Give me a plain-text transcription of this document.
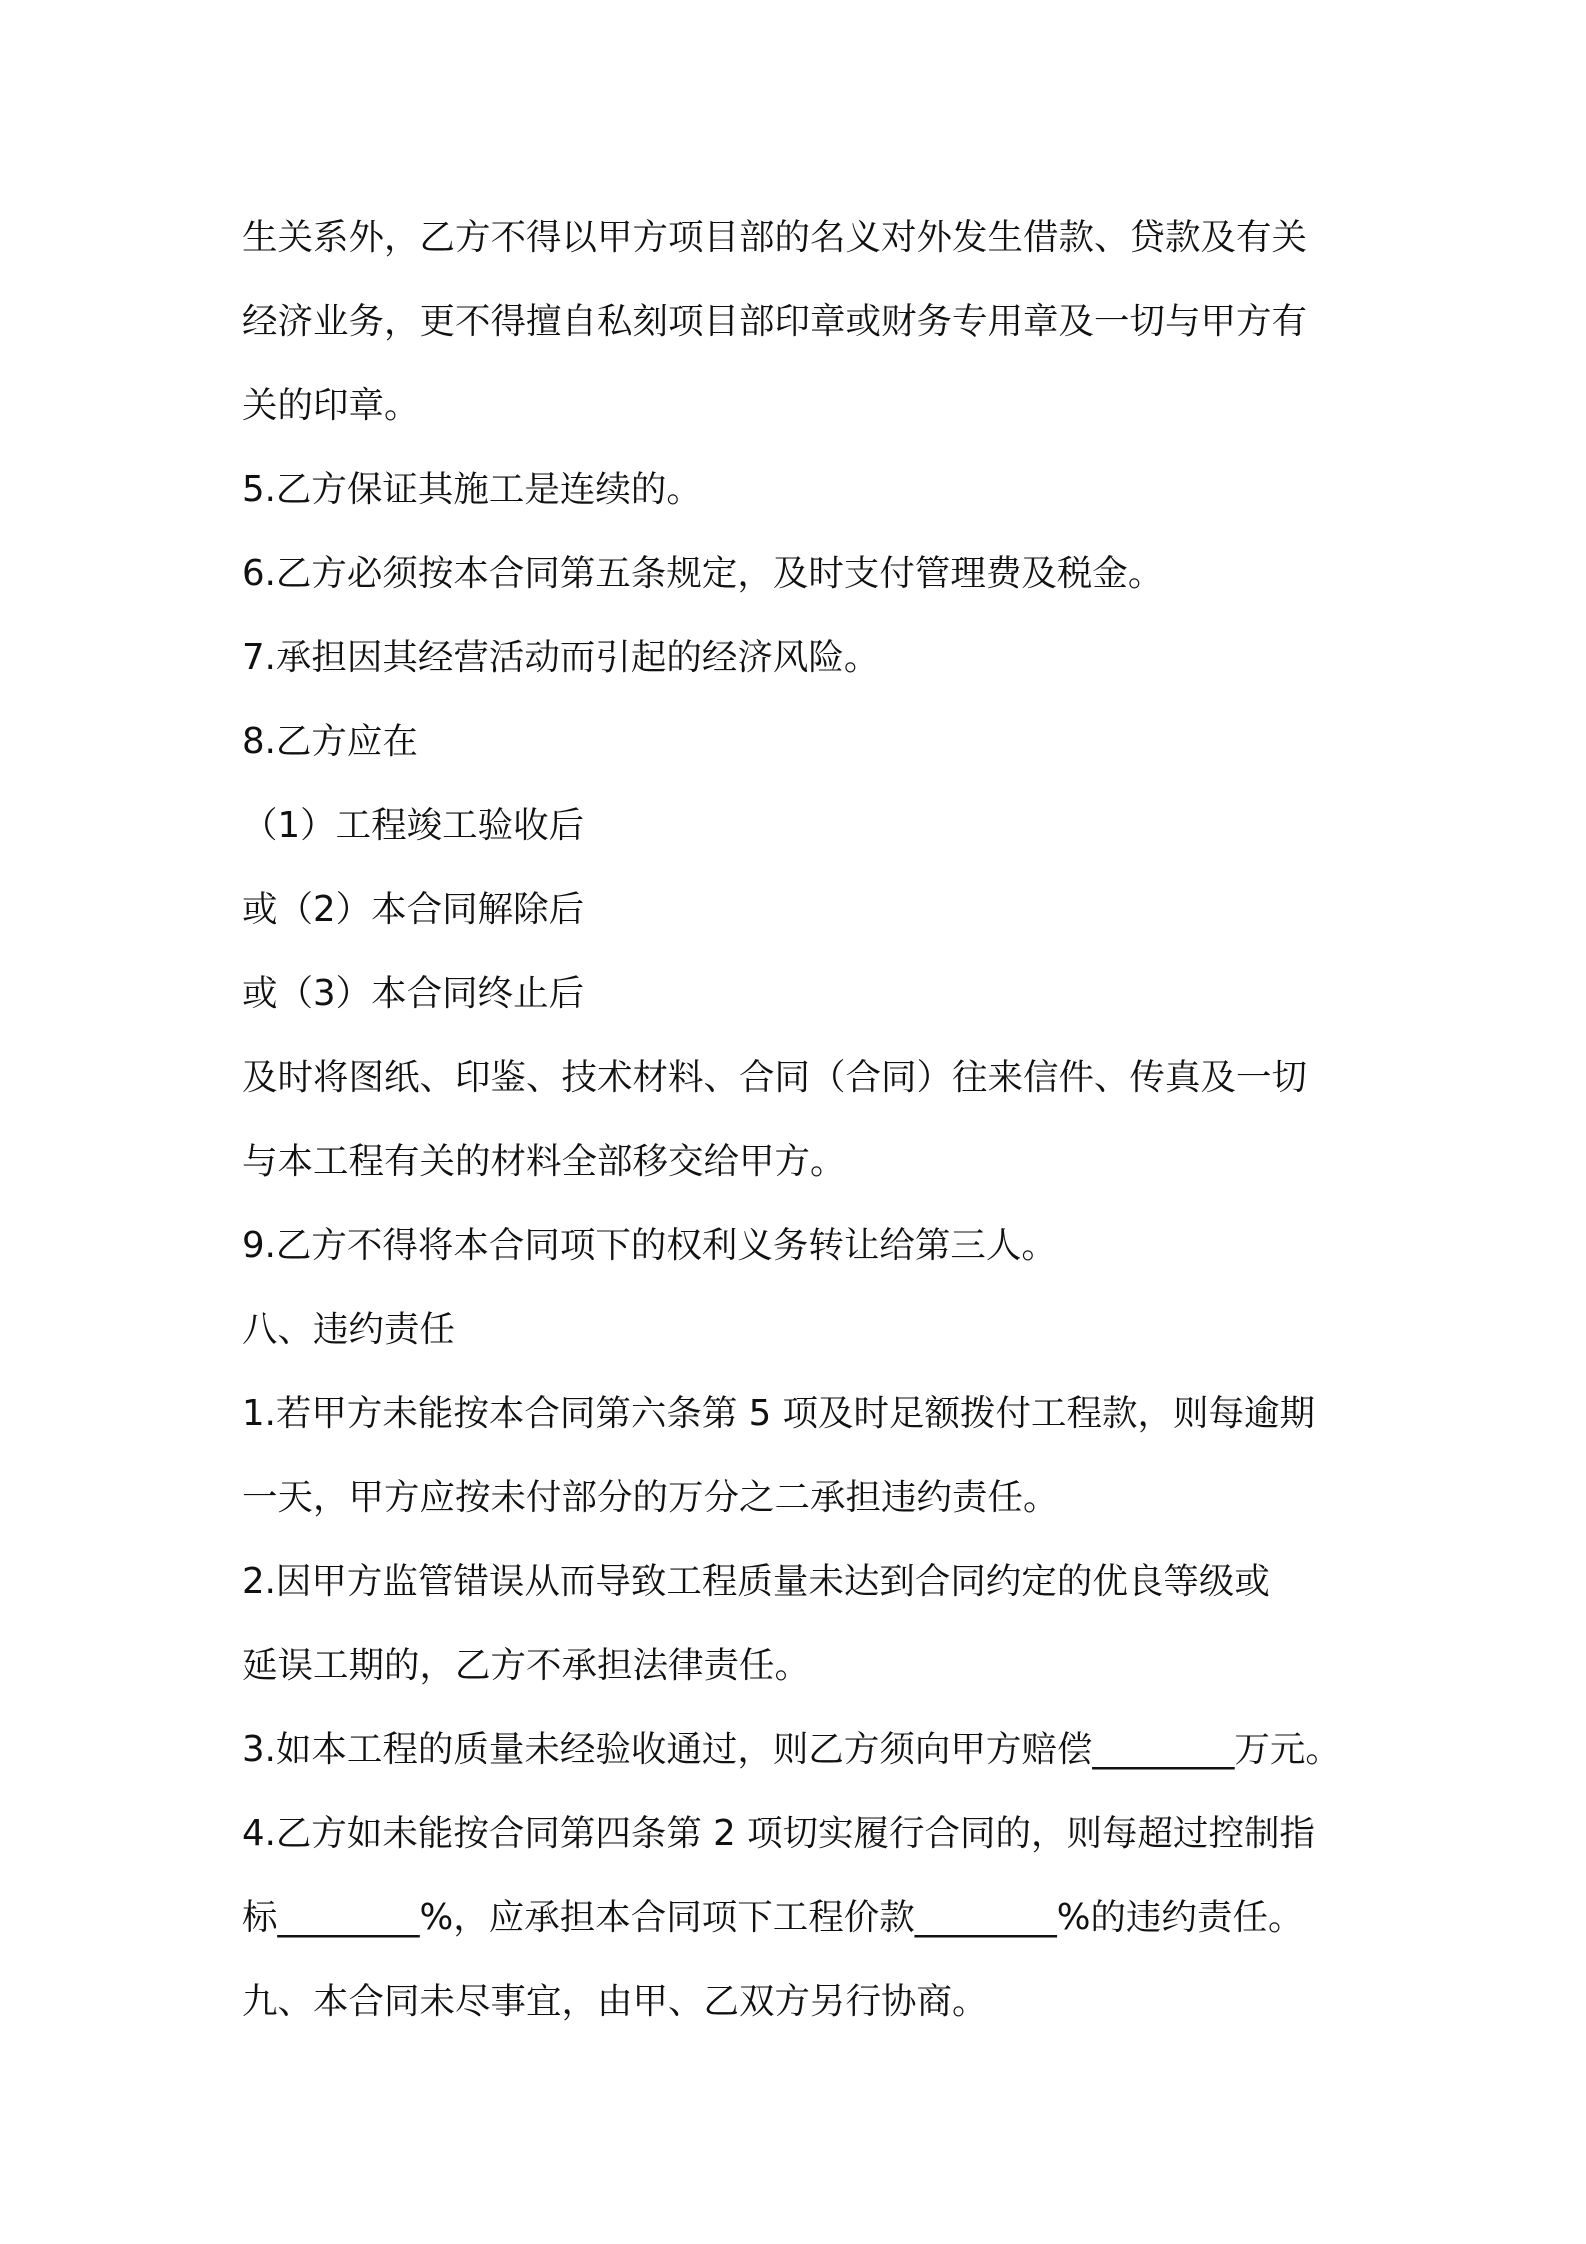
生关系外，乙方不得以甲方项目部的名义对外发生借款、贷款及有关
经济业务，更不得擅自私刻项目部印章或财务专用章及一切与甲方有
关的印章。
5.乙方保证其施工是连续的。
6.乙方必须按本合同第五条规定，及时支付管理费及税金。
7.承担因其经营活动而引起的经济风险。
8.乙方应在
（1）工程竣工验收后
或（2）本合同解除后
或（3）本合同终止后
及时将图纸、印鉴、技术材料、合同（合同）往来信件、传真及一切
与本工程有关的材料全部移交给甲方。
9.乙方不得将本合同项下的权利义务转让给第三人。
八、违约责任
1.若甲方未能按本合同第六条第 5 项及时足额拨付工程款，则每逾期
一天，甲方应按未付部分的万分之二承担违约责任。
2.因甲方监管错误从而导致工程质量未达到合同约定的优良等级或
延误工期的，乙方不承担法律责任。
3.如本工程的质量未经验收通过，则乙方须向甲方赔偿________万元。
4.乙方如未能按合同第四条第 2 项切实履行合同的，则每超过控制指
标________%，应承担本合同项下工程价款________%的违约责任。
九、本合同未尽事宜，由甲、乙双方另行协商。
